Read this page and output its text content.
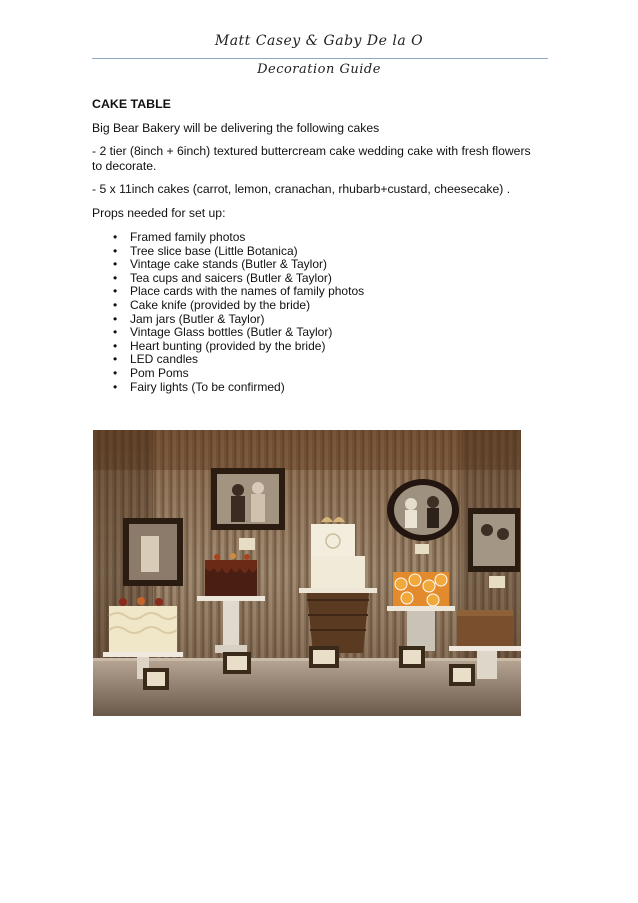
Matt Casey & Gaby De la O
Decoration Guide
CAKE TABLE
Big Bear Bakery will be delivering the following cakes
- 2 tier (8inch + 6inch) textured buttercream cake wedding cake with fresh flowers to decorate.
- 5 x 11inch cakes (carrot, lemon, cranachan, rhubarb+custard, cheesecake) .
Props needed for set up:
• Framed family photos
• Tree slice base (Little Botanica)
• Vintage cake stands (Butler & Taylor)
• Tea cups and saicers (Butler & Taylor)
• Place cards with the names of family photos
• Cake knife (provided by the bride)
• Jam jars (Butler & Taylor)
• Vintage Glass bottles (Butler & Taylor)
• Heart bunting (provided by the bride)
• LED candles
• Pom Poms
• Fairy lights (To be confirmed)
